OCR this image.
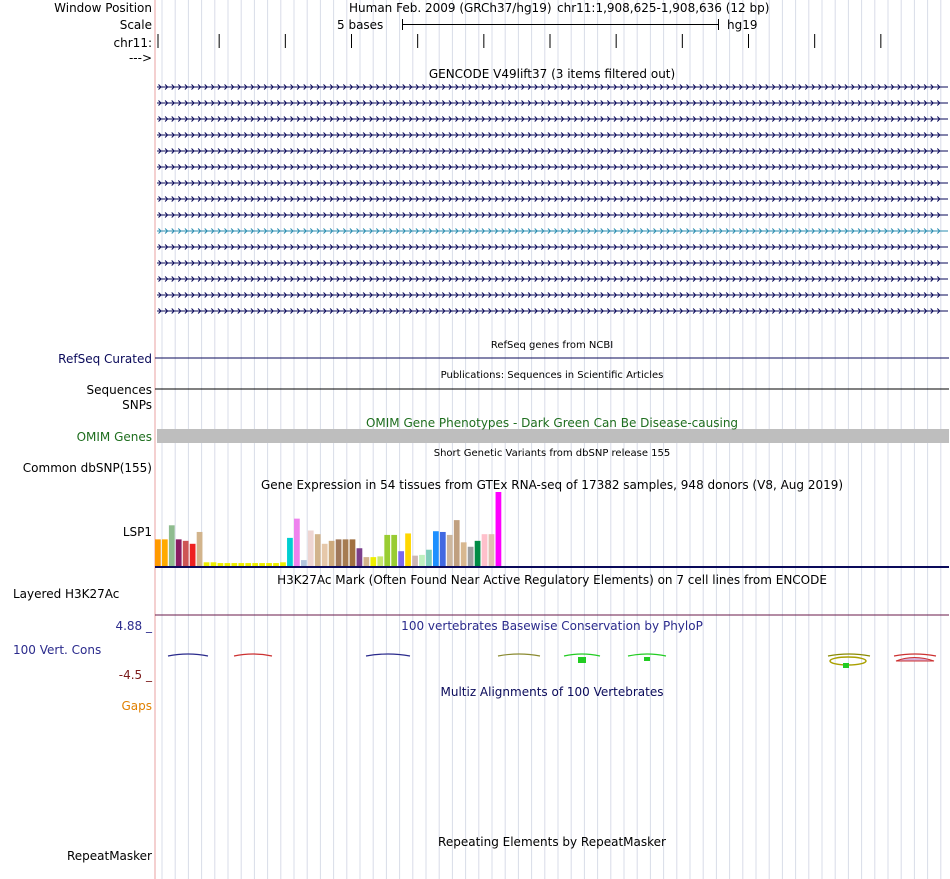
Window Position
Scale
chr11:
--->
Human Feb. 2009 (GRCh37/hg19) chr11:1,908,625-1,908,636 (12 bp)
5 bases	hg19
GENCODE V49lift37 (3 items filtered out)
RefSeq genes from NCBI
RefSeq Curated
Publications: Sequences in Scientific Articles
Sequences
SNPs
OMIM Gene Phenotypes - Dark Green Can Be Disease-causing
OMIM Genes
Short Genetic Variants from dbSNP release 155
Common dbSNP(155)
Gene Expression in 54 tissues from GTEx RNA-seq of 17382 samples, 948 donors (V8, Aug 2019)
LSP1
H3K27Ac Mark (Often Found Near Active Regulatory Elements) on 7 cell lines from ENCODE
Layered H3K27Ac
100 vertebrates Basewise Conservation by PhyloP
4.88 _
100 Vert. Cons
-4.5 _
Multiz Alignments of 100 Vertebrates
Gaps
Repeating Elements by RepeatMasker
RepeatMasker
